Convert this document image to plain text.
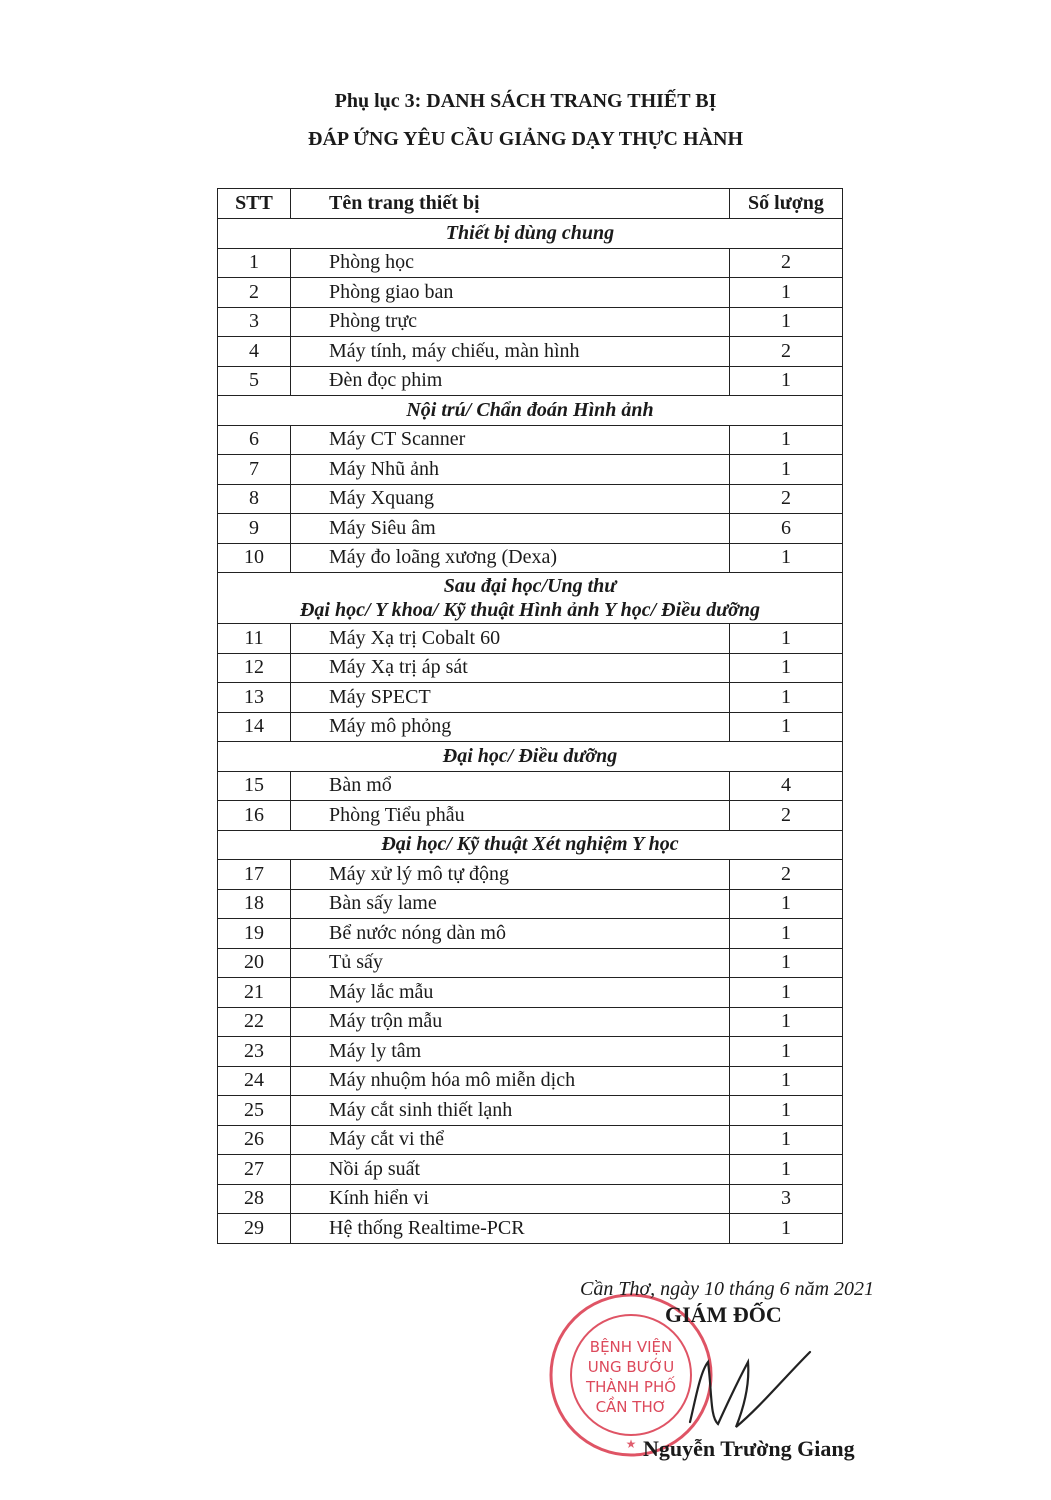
Phụ lục 3: DANH SÁCH TRANG THIẾT BỊ
ĐÁP ỨNG YÊU CẦU GIẢNG DẠY THỰC HÀNH
STT	Tên trang thiết bị	Số lượng
Thiết bị dùng chung		
1	Phòng học	2
2	Phòng giao ban	1
3	Phòng trực	1
4	Máy tính, máy chiếu, màn hình	2
5	Đèn đọc phim	1
Nội trú/ Chẩn đoán Hình ảnh		
6	Máy CT Scanner	1
7	Máy Nhũ ảnh	1
8	Máy Xquang	2
9	Máy Siêu âm	6
10	Máy đo loãng xương (Dexa)	1
Sau đại học/Ung thư
Đại học/ Y khoa/ Kỹ thuật Hình ảnh Y học/ Điều dưỡng		
11	Máy Xạ trị Cobalt 60	1
12	Máy Xạ trị áp sát	1
13	Máy SPECT	1
14	Máy mô phỏng	1
Đại học/ Điều dưỡng		
15	Bàn mổ	4
16	Phòng Tiểu phẫu	2
Đại học/ Kỹ thuật Xét nghiệm Y học		
17	Máy xử lý mô tự động	2
18	Bàn sấy lame	1
19	Bể nước nóng dàn mô	1
20	Tủ sấy	1
21	Máy lắc mẫu	1
22	Máy trộn mẫu	1
23	Máy ly tâm	1
24	Máy nhuộm hóa mô miễn dịch	1
25	Máy cắt sinh thiết lạnh	1
26	Máy cắt vi thể	1
27	Nồi áp suất	1
28	Kính hiển vi	3
29	Hệ thống Realtime-PCR	1
BỆNH VIỆN
UNG BƯỚU
THÀNH PHỐ
CẦN THƠ
★
Cần Thơ, ngày 10 tháng 6 năm 2021
GIÁM ĐỐC
Nguyễn Trường Giang
